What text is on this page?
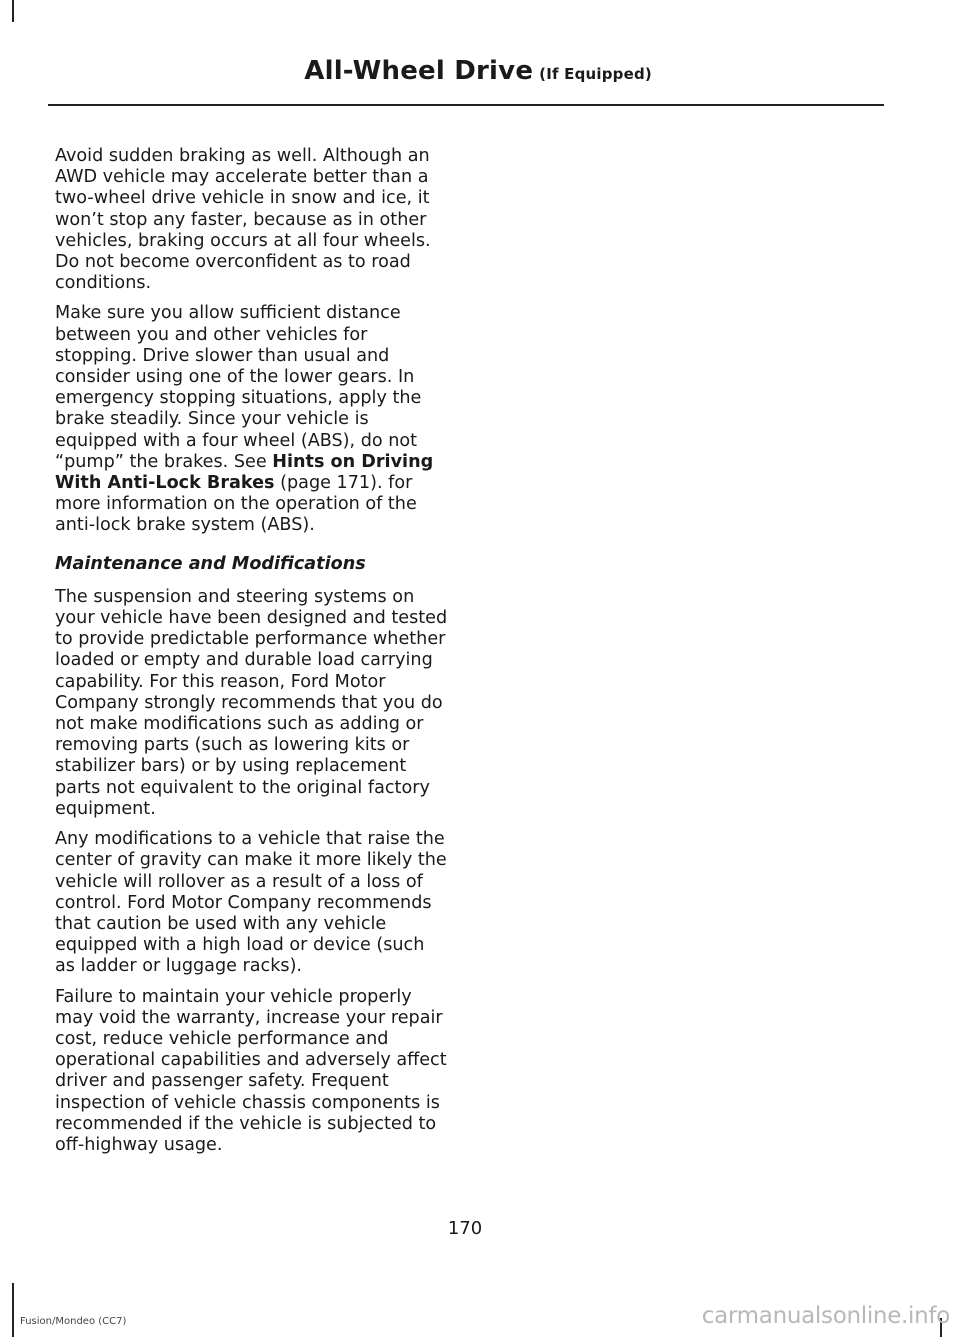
All-Wheel Drive (If Equipped)

Avoid sudden braking as well. Although an AWD vehicle may accelerate better than a two-wheel drive vehicle in snow and ice, it won’t stop any faster, because as in other vehicles, braking occurs at all four wheels. Do not become overconfident as to road conditions.

Make sure you allow sufficient distance between you and other vehicles for stopping. Drive slower than usual and consider using one of the lower gears. In emergency stopping situations, apply the brake steadily. Since your vehicle is equipped with a four wheel (ABS), do not “pump” the brakes. See Hints on Driving With Anti-Lock Brakes (page 171). for more information on the operation of the anti-lock brake system (ABS).

Maintenance and Modifications

The suspension and steering systems on your vehicle have been designed and tested to provide predictable performance whether loaded or empty and durable load carrying capability. For this reason, Ford Motor Company strongly recommends that you do not make modifications such as adding or removing parts (such as lowering kits or stabilizer bars) or by using replacement parts not equivalent to the original factory equipment.

Any modifications to a vehicle that raise the center of gravity can make it more likely the vehicle will rollover as a result of a loss of control. Ford Motor Company recommends that caution be used with any vehicle equipped with a high load or device (such as ladder or luggage racks).

Failure to maintain your vehicle properly may void the warranty, increase your repair cost, reduce vehicle performance and operational capabilities and adversely affect driver and passenger safety. Frequent inspection of vehicle chassis components is recommended if the vehicle is subjected to off-highway usage.

170
Fusion/Mondeo (CC7)	carmanualsonline.info
